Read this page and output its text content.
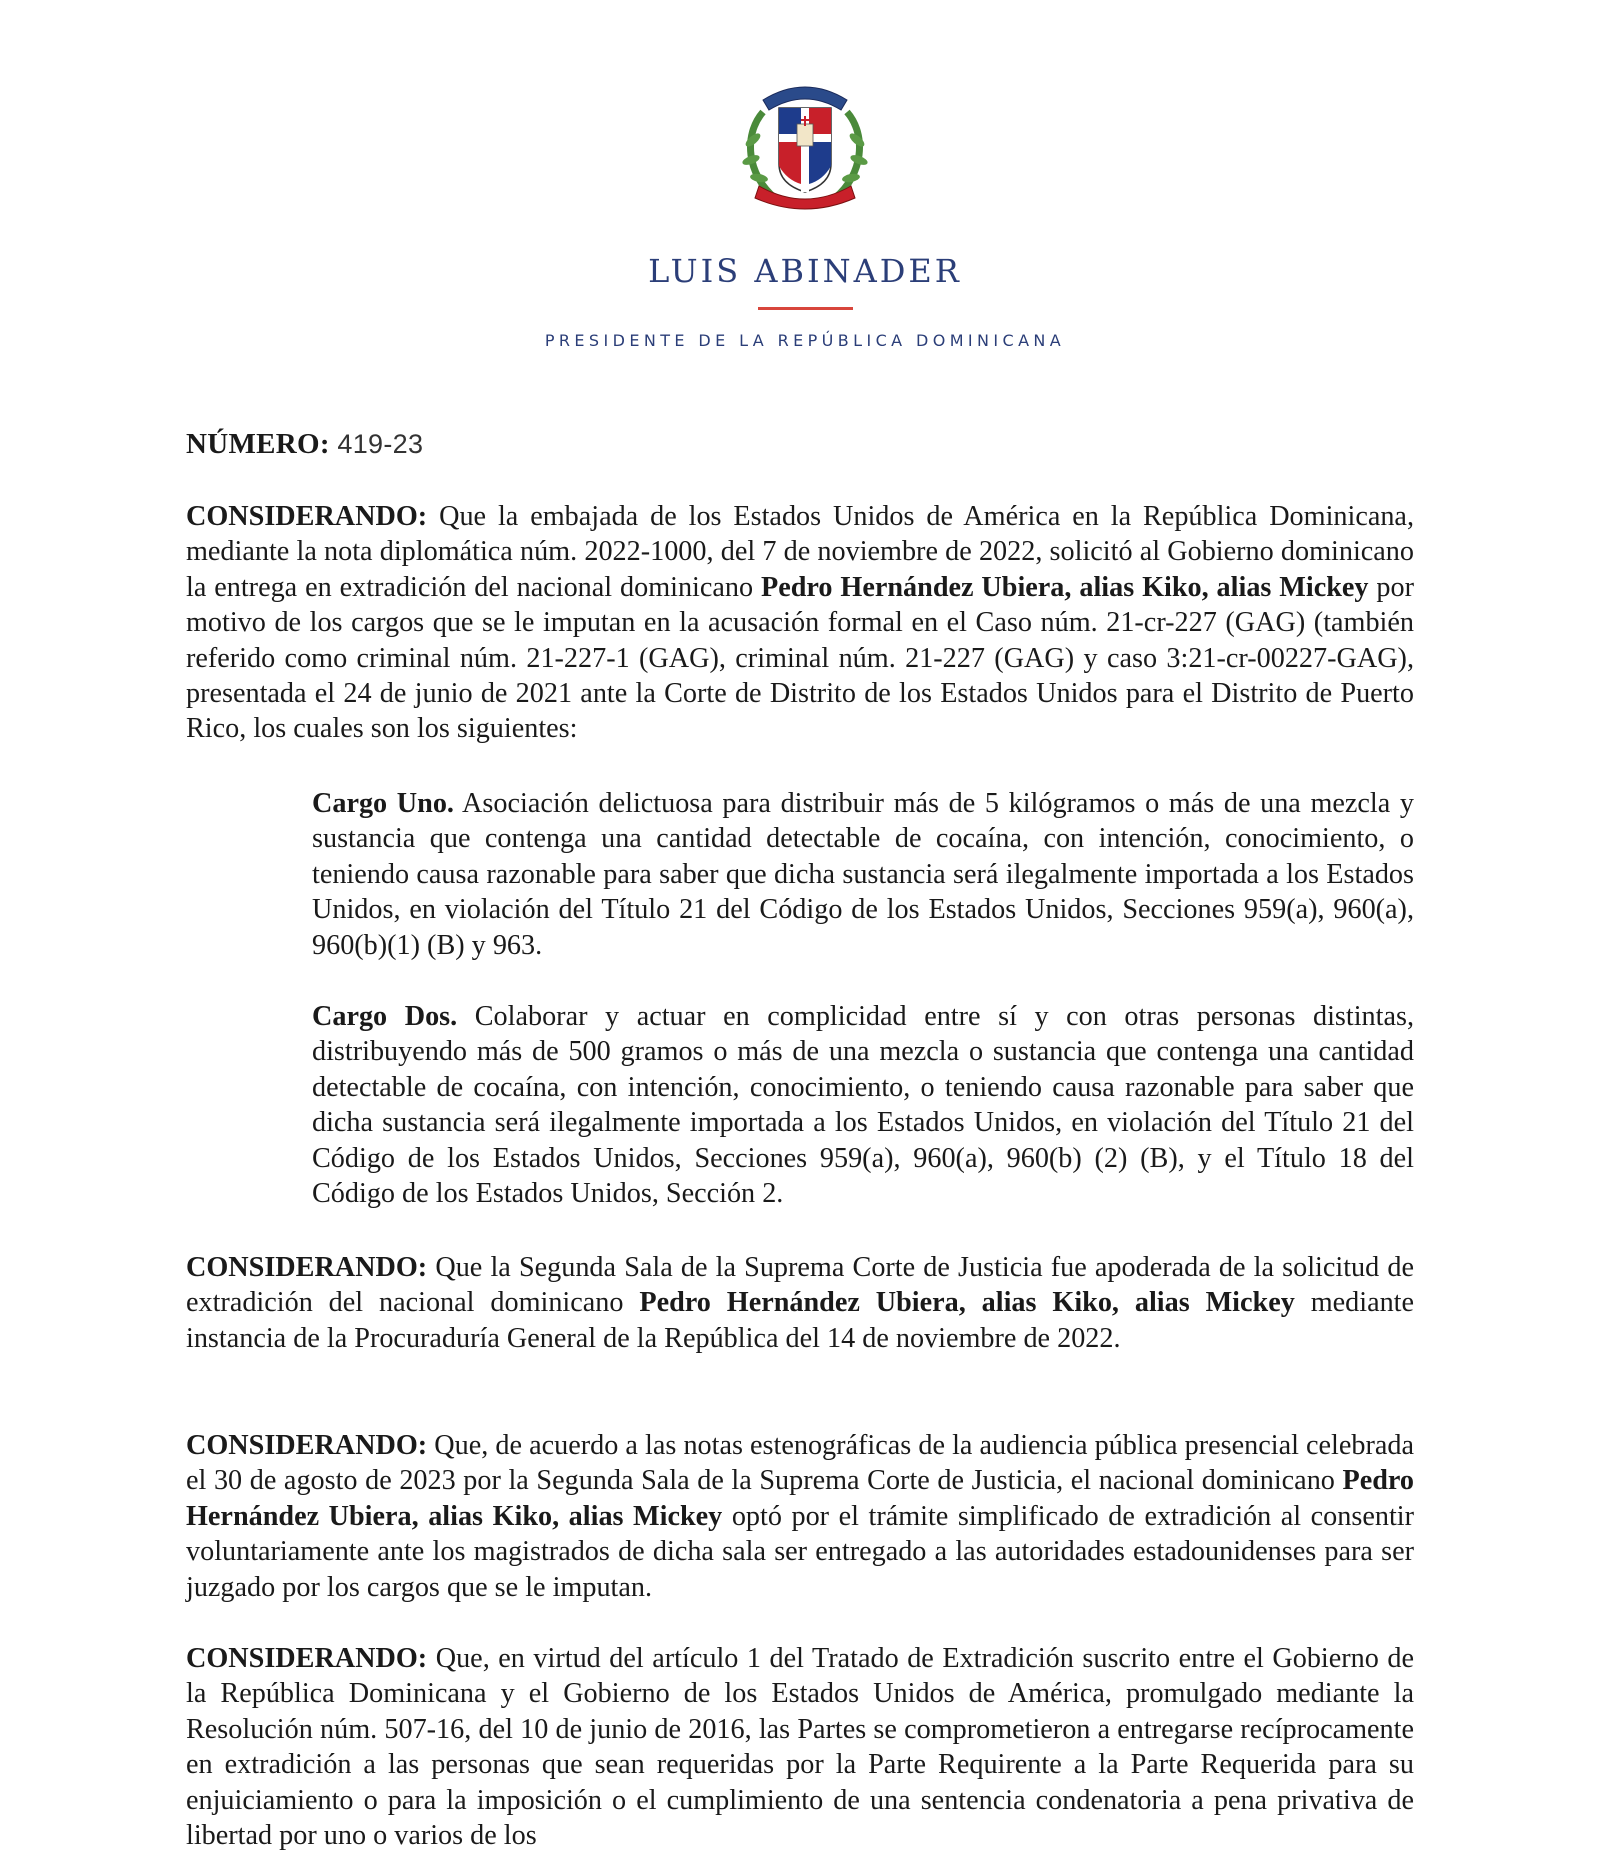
LUIS ABINADER
PRESIDENTE DE LA REPÚBLICA DOMINICANA
NÚMERO: 419-23

CONSIDERANDO: Que la embajada de los Estados Unidos de América en la República Dominicana, mediante la nota diplomática núm. 2022-1000, del 7 de noviembre de 2022, solicitó al Gobierno dominicano la entrega en extradición del nacional dominicano Pedro Hernández Ubiera, alias Kiko, alias Mickey por motivo de los cargos que se le imputan en la acusación formal en el Caso núm. 21-cr-227 (GAG) (también referido como criminal núm. 21-227-1 (GAG), criminal núm. 21-227 (GAG) y caso 3:21-cr-00227-GAG), presentada el 24 de junio de 2021 ante la Corte de Distrito de los Estados Unidos para el Distrito de Puerto Rico, los cuales son los siguientes:

Cargo Uno. Asociación delictuosa para distribuir más de 5 kilógramos o más de una mezcla y sustancia que contenga una cantidad detectable de cocaína, con intención, conocimiento, o teniendo causa razonable para saber que dicha sustancia será ilegalmente importada a los Estados Unidos, en violación del Título 21 del Código de los Estados Unidos, Secciones 959(a), 960(a), 960(b)(1) (B) y 963.

Cargo Dos. Colaborar y actuar en complicidad entre sí y con otras personas distintas, distribuyendo más de 500 gramos o más de una mezcla o sustancia que contenga una cantidad detectable de cocaína, con intención, conocimiento, o teniendo causa razonable para saber que dicha sustancia será ilegalmente importada a los Estados Unidos, en violación del Título 21 del Código de los Estados Unidos, Secciones 959(a), 960(a), 960(b) (2) (B), y el Título 18 del Código de los Estados Unidos, Sección 2.

CONSIDERANDO: Que la Segunda Sala de la Suprema Corte de Justicia fue apoderada de la solicitud de extradición del nacional dominicano Pedro Hernández Ubiera, alias Kiko, alias Mickey mediante instancia de la Procuraduría General de la República del 14 de noviembre de 2022.

CONSIDERANDO: Que, de acuerdo a las notas estenográficas de la audiencia pública presencial celebrada el 30 de agosto de 2023 por la Segunda Sala de la Suprema Corte de Justicia, el nacional dominicano Pedro Hernández Ubiera, alias Kiko, alias Mickey optó por el trámite simplificado de extradición al consentir voluntariamente ante los magistrados de dicha sala ser entregado a las autoridades estadounidenses para ser juzgado por los cargos que se le imputan.

CONSIDERANDO: Que, en virtud del artículo 1 del Tratado de Extradición suscrito entre el Gobierno de la República Dominicana y el Gobierno de los Estados Unidos de América, promulgado mediante la Resolución núm. 507-16, del 10 de junio de 2016, las Partes se comprometieron a entregarse recíprocamente en extradición a las personas que sean requeridas por la Parte Requirente a la Parte Requerida para su enjuiciamiento o para la imposición o el cumplimiento de una sentencia condenatoria a pena privativa de libertad por uno o varios de los
